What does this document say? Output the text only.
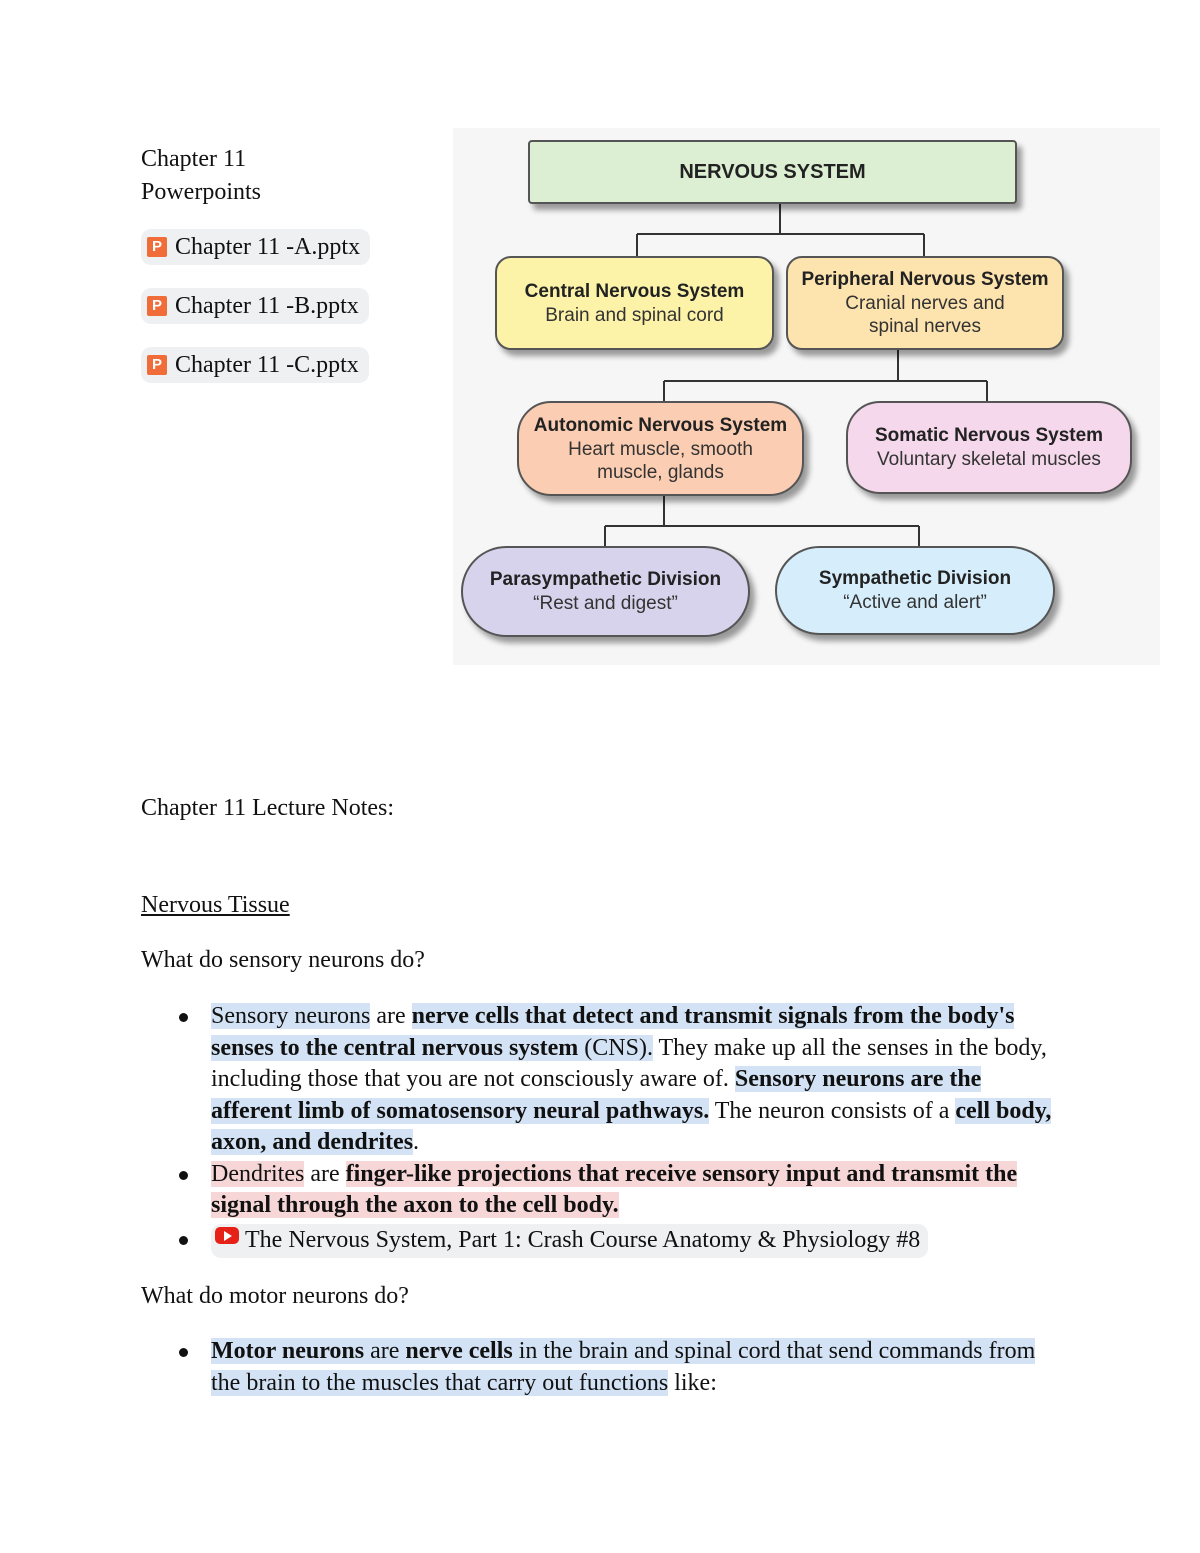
Chapter 11
Powerpoints
P Chapter 11 -A.pptx
P Chapter 11 -B.pptx
P Chapter 11 -C.pptx
NERVOUS SYSTEM
Central Nervous System
Brain and spinal cord
Peripheral Nervous System
Cranial nerves and
spinal nerves
Autonomic Nervous System
Heart muscle, smooth
muscle, glands
Somatic Nervous System
Voluntary skeletal muscles
Parasympathetic Division
“Rest and digest”
Sympathetic Division
“Active and alert”
Chapter 11 Lecture Notes:
Nervous Tissue
What do sensory neurons do?
Sensory neurons are nerve cells that detect and transmit signals from the body's senses to the central nervous system (CNS). They make up all the senses in the body, including those that you are not consciously aware of. Sensory neurons are the afferent limb of somatosensory neural pathways. The neuron consists of a cell body, axon, and dendrites.
Dendrites are finger-like projections that receive sensory input and transmit the signal through the axon to the cell body.
The Nervous System, Part 1: Crash Course Anatomy & Physiology #8
What do motor neurons do?
Motor neurons are nerve cells in the brain and spinal cord that send commands from the brain to the muscles that carry out functions like:
